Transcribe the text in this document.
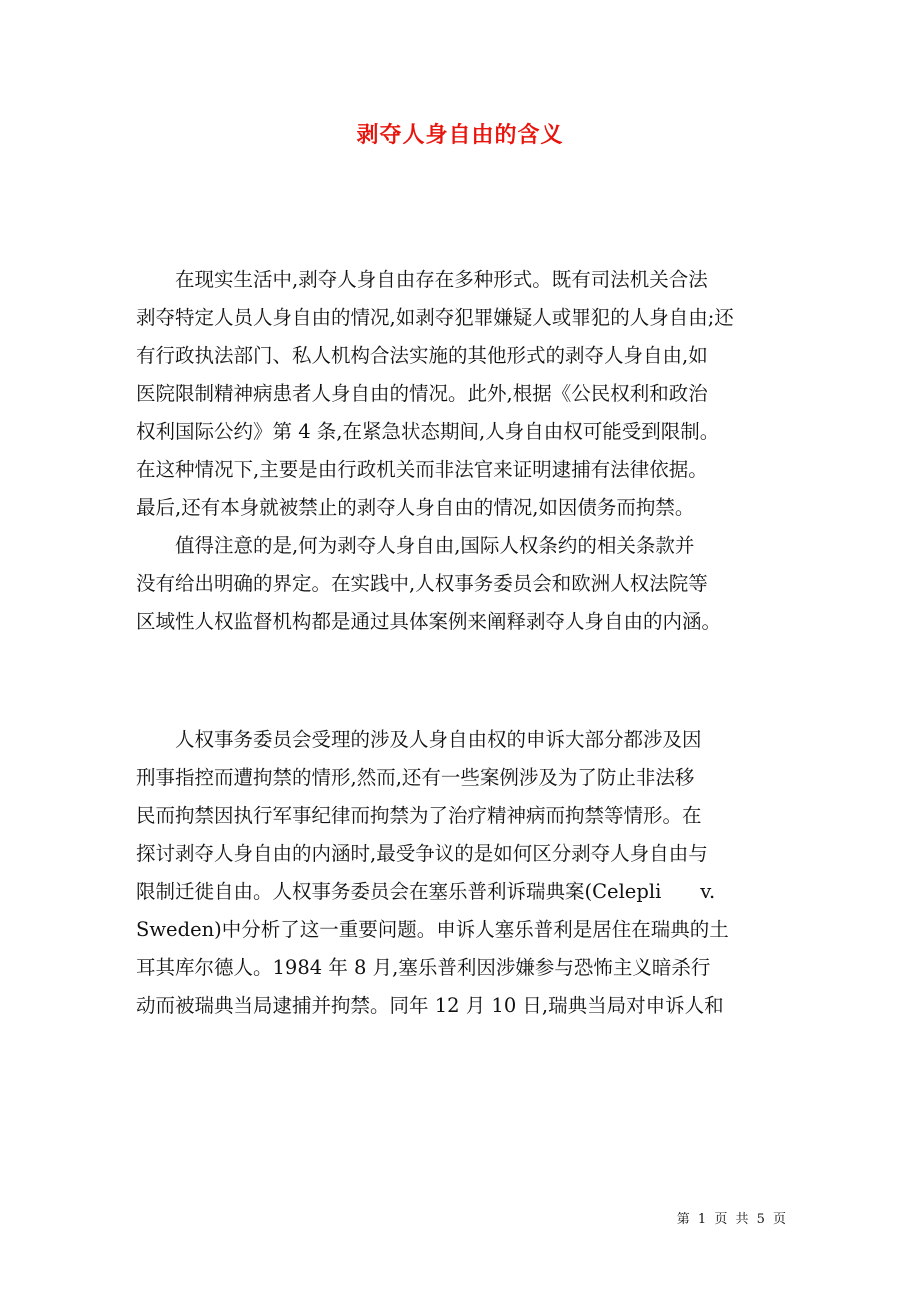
剥夺人身自由的含义
　　在现实生活中,剥夺人身自由存在多种形式。既有司法机关合法
剥夺特定人员人身自由的情况,如剥夺犯罪嫌疑人或罪犯的人身自由;还
有行政执法部门、私人机构合法实施的其他形式的剥夺人身自由,如
医院限制精神病患者人身自由的情况。此外,根据《公民权利和政治
权利国际公约》第 4 条,在紧急状态期间,人身自由权可能受到限制。
在这种情况下,主要是由行政机关而非法官来证明逮捕有法律依据。
最后,还有本身就被禁止的剥夺人身自由的情况,如因债务而拘禁。
　　值得注意的是,何为剥夺人身自由,国际人权条约的相关条款并
没有给出明确的界定。在实践中,人权事务委员会和欧洲人权法院等
区域性人权监督机构都是通过具体案例来阐释剥夺人身自由的内涵。
　　人权事务委员会受理的涉及人身自由权的申诉大部分都涉及因
刑事指控而遭拘禁的情形,然而,还有一些案例涉及为了防止非法移
民而拘禁因执行军事纪律而拘禁为了治疗精神病而拘禁等情形。在
探讨剥夺人身自由的内涵时,最受争议的是如何区分剥夺人身自由与
限制迁徙自由。人权事务委员会在塞乐普利诉瑞典案(Celepli　　v.
Sweden)中分析了这一重要问题。申诉人塞乐普利是居住在瑞典的土
耳其库尔德人。1984 年 8 月,塞乐普利因涉嫌参与恐怖主义暗杀行
动而被瑞典当局逮捕并拘禁。同年 12 月 10 日,瑞典当局对申诉人和
第 1 页 共 5 页
